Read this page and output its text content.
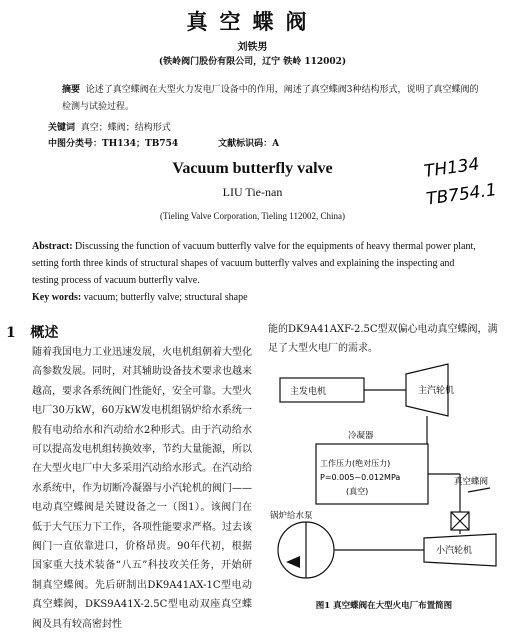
真空蝶阀
刘铁男
(铁岭阀门股份有限公司，辽宁 铁岭 112002)
摘要 论述了真空蝶阀在大型火力发电厂设备中的作用，阐述了真空蝶阀3种结构形式，说明了真空蝶阀的检测与试验过程。
关键词 真空；蝶阀；结构形式
中图分类号：TH134；TB754	文献标识码：A
TH134
TB754.1
Vacuum butterfly valve
LIU Tie-nan
(Tieling Valve Corporation, Tieling 112002, China)
Abstract: Discussing the function of vacuum butterfly valve for the equipments of heavy thermal power plant, setting forth three kinds of structural shapes of vacuum butterfly valves and explaining the inspecting and testing process of vacuum butterfly valve.
Key words: vacuum; butterfly valve; structural shape
1 概述
随着我国电力工业迅速发展，火电机组朝着大型化高参数发展。同时，对其辅助设备技术要求也越来越高，要求各系统阀门性能好，安全可靠。大型火电厂30万kW，60万kW发电机组锅炉给水系统一般有电动给水和汽动给水2种形式。由于汽动给水可以提高发电机组转换效率，节约大量能源，所以在大型火电厂中大多采用汽动给水形式。在汽动给水系统中，作为切断冷凝器与小汽轮机的阀门——电动真空蝶阀是关键设备之一（图1）。该阀门在低于大气压力下工作，各项性能要求严格。过去该阀门一直依靠进口，价格昂贵。90年代初，根据国家重大技术装备“八五”科技攻关任务，开始研制真空蝶阀。先后研制出DK9A41AX-1C型电动真空蝶阀，DKS9A41X-2.5C型电动双座真空蝶阀及具有较高密封性
能的DK9A41AXF-2.5C型双偏心电动真空蝶阀，满足了大型火电厂的需求。
主发电机	主汽轮机
冷凝器
工作压力(绝对压力)
P=0.005~0.012MPa
(真空)
真空蝶阀
锅炉给水泵
小汽轮机
图1 真空蝶阀在大型火电厂布置简图
